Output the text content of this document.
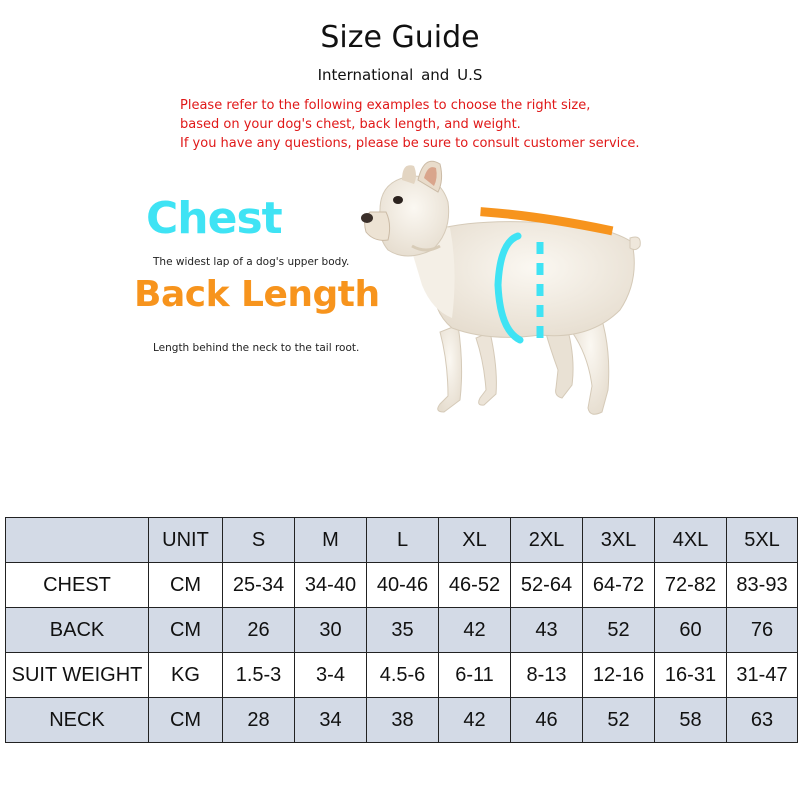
Size Guide
International and U.S
Please refer to the following examples to choose the right size,
based on your dog's chest, back length, and weight.
If you have any questions, please be sure to consult customer service.
Chest
The widest lap of a dog's upper body.
Back Length
Length behind the neck to the tail root.
	UNIT	S	M	L	XL	2XL	3XL	4XL	5XL
CHEST	CM	25-34	34-40	40-46	46-52	52-64	64-72	72-82	83-93
BACK	CM	26	30	35	42	43	52	60	76
SUIT WEIGHT	KG	1.5-3	3-4	4.5-6	6-11	8-13	12-16	16-31	31-47
NECK	CM	28	34	38	42	46	52	58	63
